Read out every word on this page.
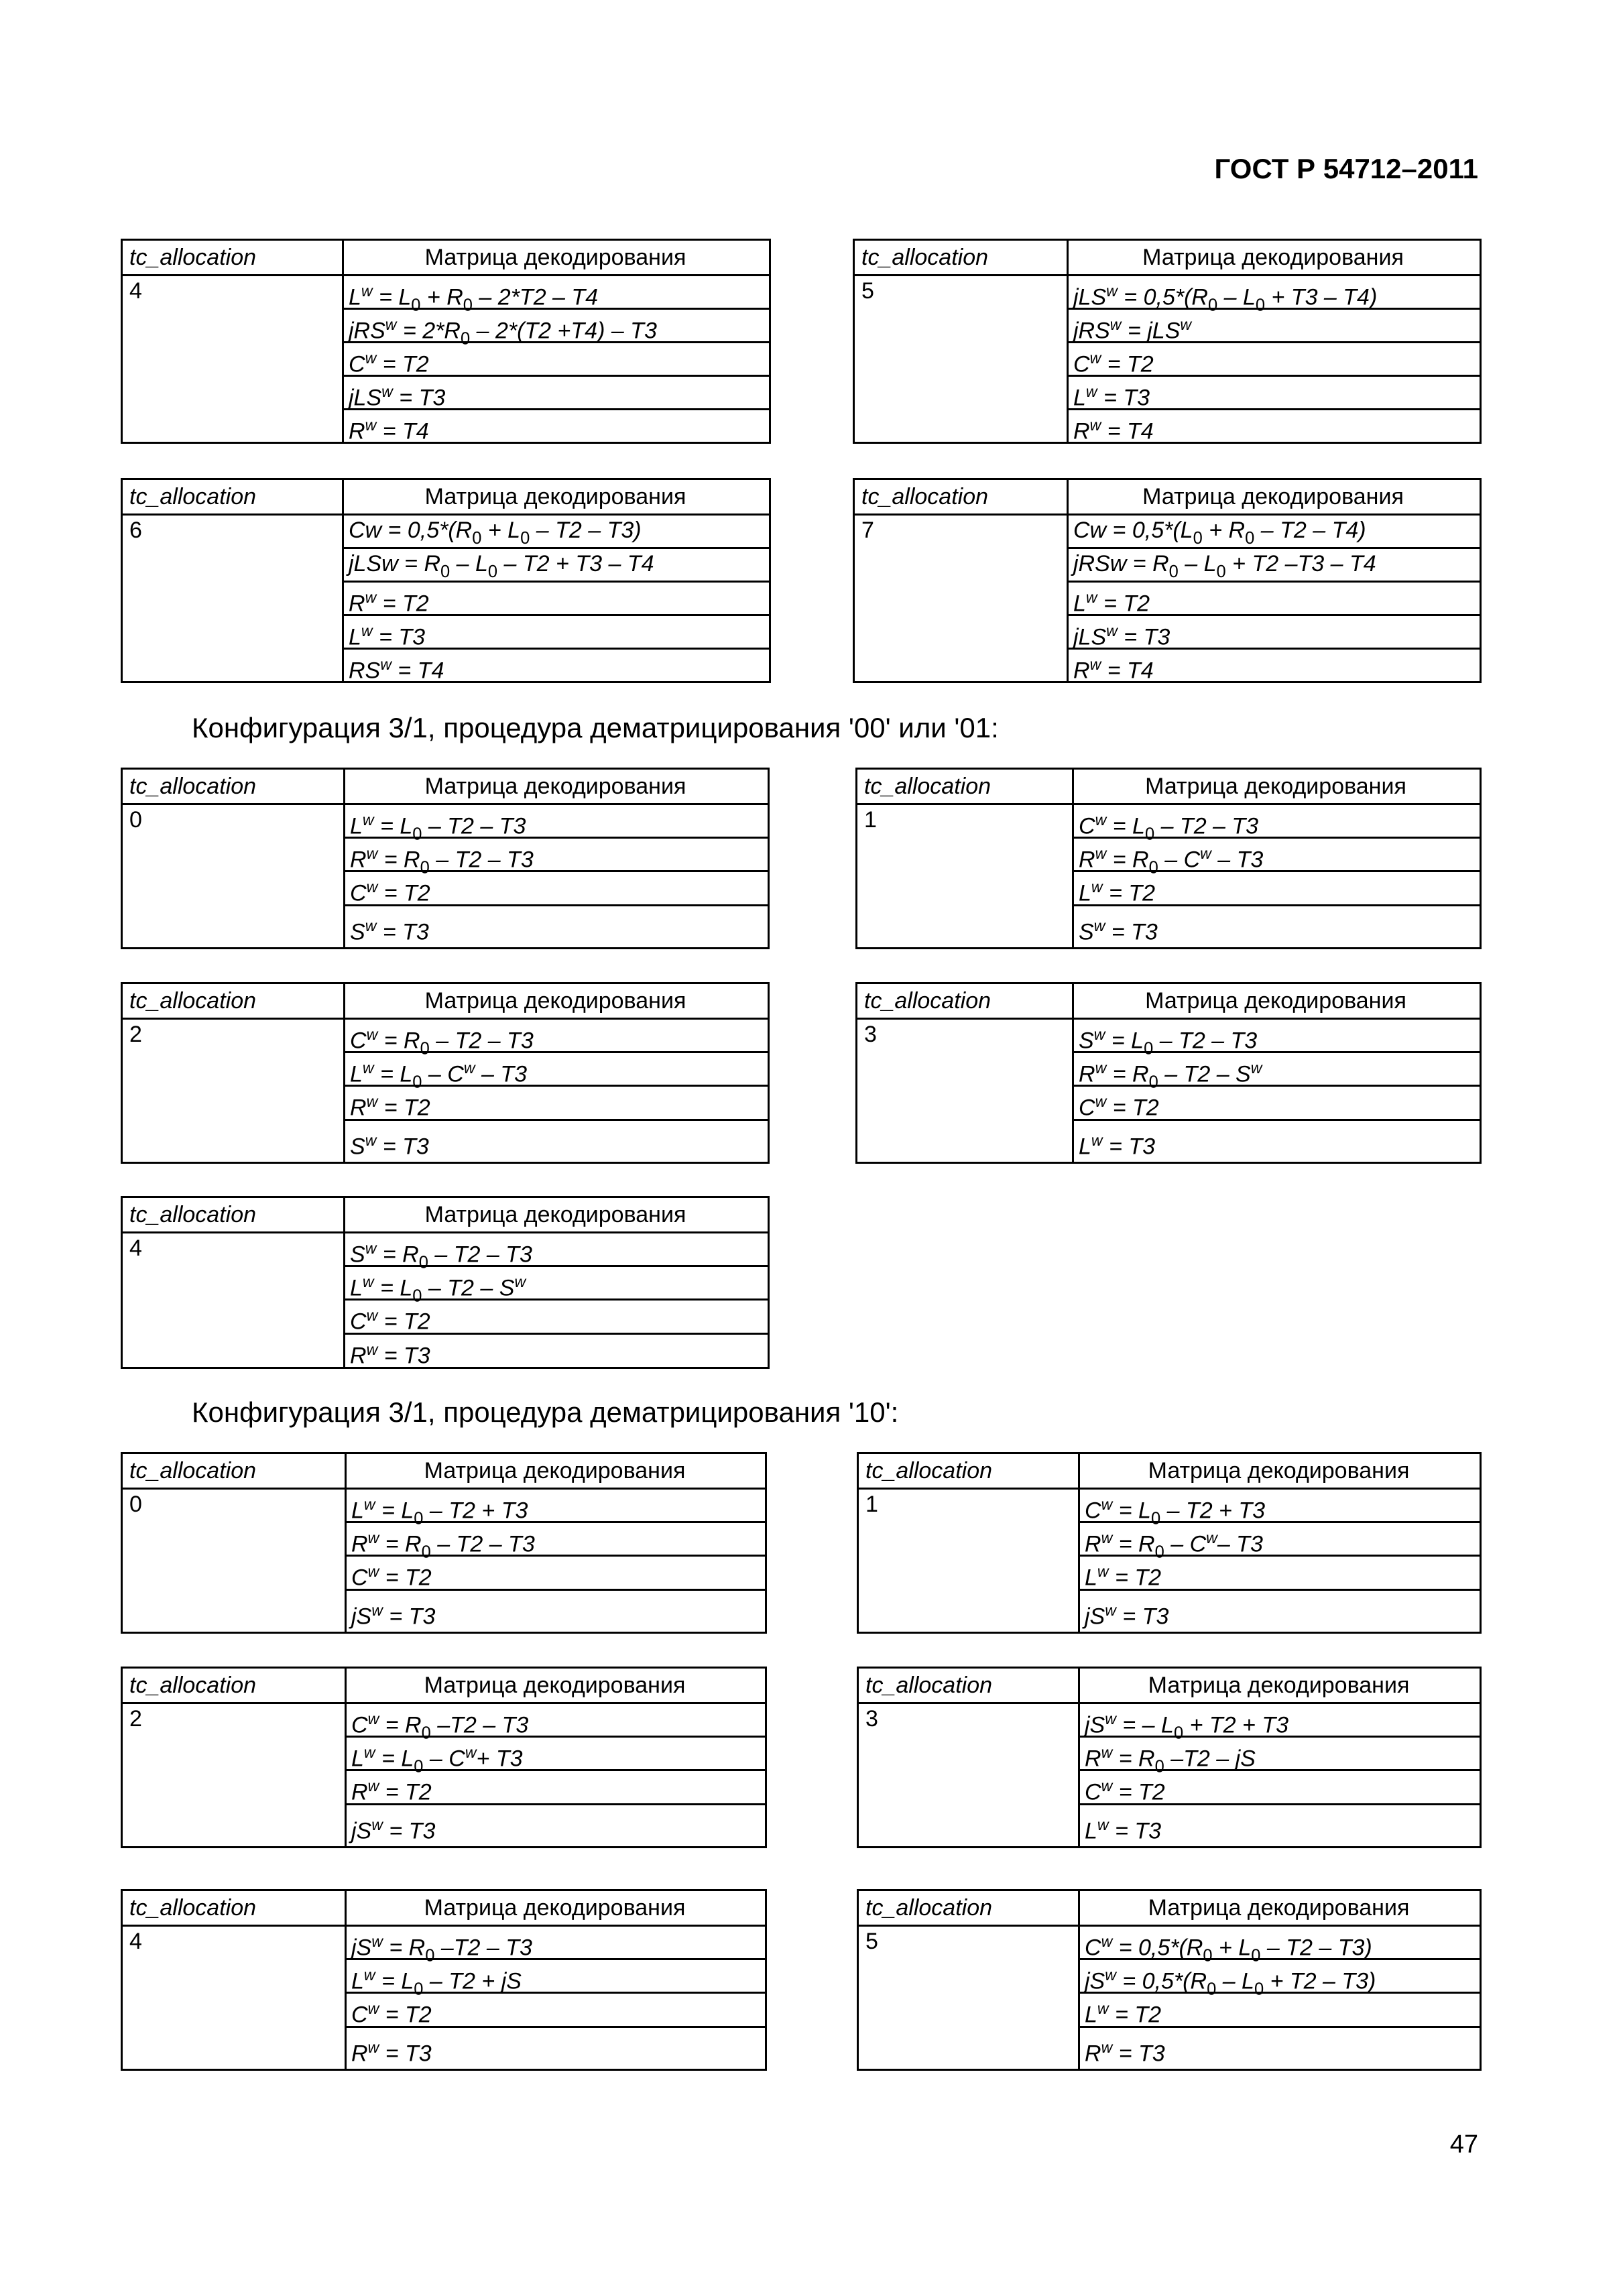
ГОСТ Р 54712–2011
Конфигурация 3/1, процедура дематрицирования '00' или '01:
Конфигурация 3/1, процедура дематрицирования '10':
47
tc_allocation	Матрица декодирования
4	$L^w = L_0 + R_0 - 2*T2 - T4$
$jRS^w = 2*R_0 - 2*(T2 +T4) - T3$
$C^w = T2$
jLS$^w$ = T3
$R^w = T4$
tc_allocation	Матрица декодирования
5	$jLS^w = 0,5*(R_0 - L_0 + T3 - T4)$
jRS$^w$ = jLS$^w$
$C^w = T2$
$L^w = T3$
$R^w = T4$
tc_allocation	Матрица декодирования
6	$Cw = 0,5*(R_0 + L_0 - T2 - T3)$
jLSw = $R_0 - L_0 - T2 + T3 - T4$
$R^w = T2$
$L^w = T3$
$RS^w = T4$
tc_allocation	Матрица декодирования
7	$Cw = 0,5*(L_0 + R_0 - T2 - T4)$
jRSw = $R_0 - L_0 + T2$ –T3 – T4
$L^w = T2$
jLS$^w$ = T3
$R^w = T4$
tc_allocation	Матрица декодирования
0	$L^w = L_0 - T2 - T3$
$R^w = R_0 - T2 - T3$
$C^w = T2$
$S^w = T3$
tc_allocation	Матрица декодирования
1	$C^w = L_0 - T2 - T3$
$R^w = R_0 - C^w - T3$
$L^w = T2$
$S^w = T3$
tc_allocation	Матрица декодирования
2	$C^w = R_0 - T2 - T3$
$L^w = L_0 - C^w - T3$
$R^w = T2$
$S^w = T3$
tc_allocation	Матрица декодирования
3	$S^w = L_0 - T2 - T3$
$R^w = R_0 - T2 - S^w$
$C^w = T2$
$L^w = T3$
tc_allocation	Матрица декодирования
4	$S^w = R_0 - T2 - T3$
$L^w = L_0 - T2 - S^w$
$C^w = T2$
$R^w = T3$
tc_allocation	Матрица декодирования
0	$L^w = L_0 - T2 + T3$
$R^w = R_0 - T2 - T3$
$C^w = T2$
$jS^w = T3$
tc_allocation	Матрица декодирования
1	$C^w = L_0 - T2 + T3$
$R^w = R_0 - C^w-$ T3
$L^w = T2$
$jS^w = T3$
tc_allocation	Матрица декодирования
2	$C^w = R_0$ –T2 – T3
$L^w = L_0 - C^w+ T3$
$R^w = T2$
$jS^w = T3$
tc_allocation	Матрица декодирования
3	$jS^w$ = – $L_0 + T2 + T3$
$R^w = R_0$ –T2 – jS
$C^w = T2$
$L^w = T3$
tc_allocation	Матрица декодирования
4	$jS^w = R_0$ –T2 – T3
$L^w = L_0 - T2$ + jS
$C^w = T2$
$R^w = T3$
tc_allocation	Матрица декодирования
5	$C^w = 0,5*(R_0 + L_0 - T2 - T3)$
$jS^w = 0,5*(R_0 - L_0 + T2 - T3)$
$L^w = T2$
$R^w = T3$
